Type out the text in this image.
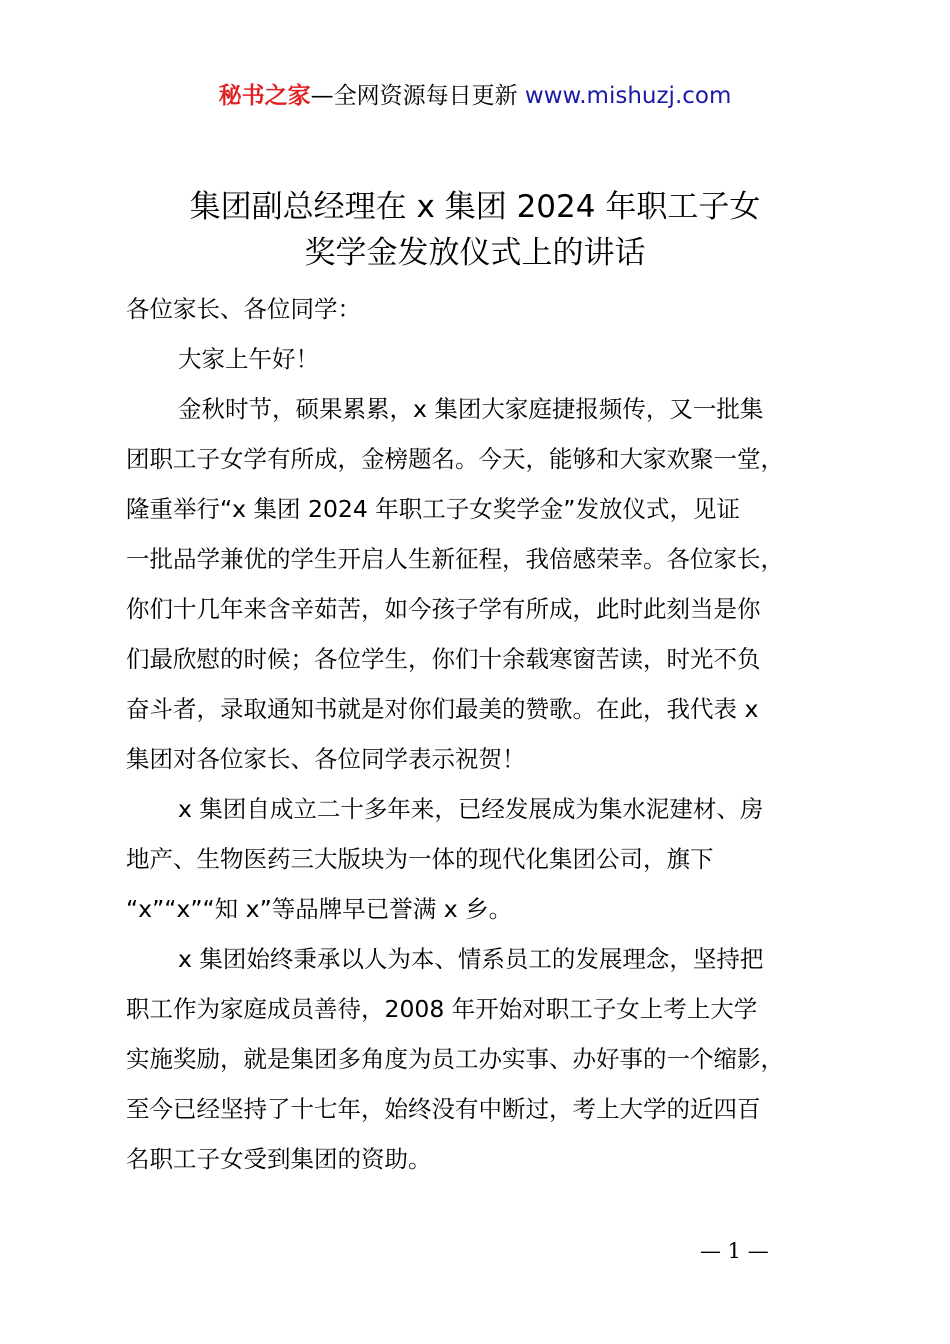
秘书之家—全网资源每日更新 www.mishuzj.com
集团副总经理在 x 集团 2024 年职工子女
奖学金发放仪式上的讲话
各位家长、各位同学：
大家上午好！
金秋时节，硕果累累，x 集团大家庭捷报频传，又一批集
团职工子女学有所成，金榜题名。今天，能够和大家欢聚一堂，
隆重举行“x 集团 2024 年职工子女奖学金”发放仪式，见证
一批品学兼优的学生开启人生新征程，我倍感荣幸。各位家长，
你们十几年来含辛茹苦，如今孩子学有所成，此时此刻当是你
们最欣慰的时候；各位学生，你们十余载寒窗苦读，时光不负
奋斗者，录取通知书就是对你们最美的赞歌。在此，我代表 x
集团对各位家长、各位同学表示祝贺！
x 集团自成立二十多年来，已经发展成为集水泥建材、房
地产、生物医药三大版块为一体的现代化集团公司，旗下
“x”“x”“知 x”等品牌早已誉满 x 乡。
x 集团始终秉承以人为本、情系员工的发展理念，坚持把
职工作为家庭成员善待，2008 年开始对职工子女上考上大学
实施奖励，就是集团多角度为员工办实事、办好事的一个缩影，
至今已经坚持了十七年，始终没有中断过，考上大学的近四百
名职工子女受到集团的资助。
— 1 —
